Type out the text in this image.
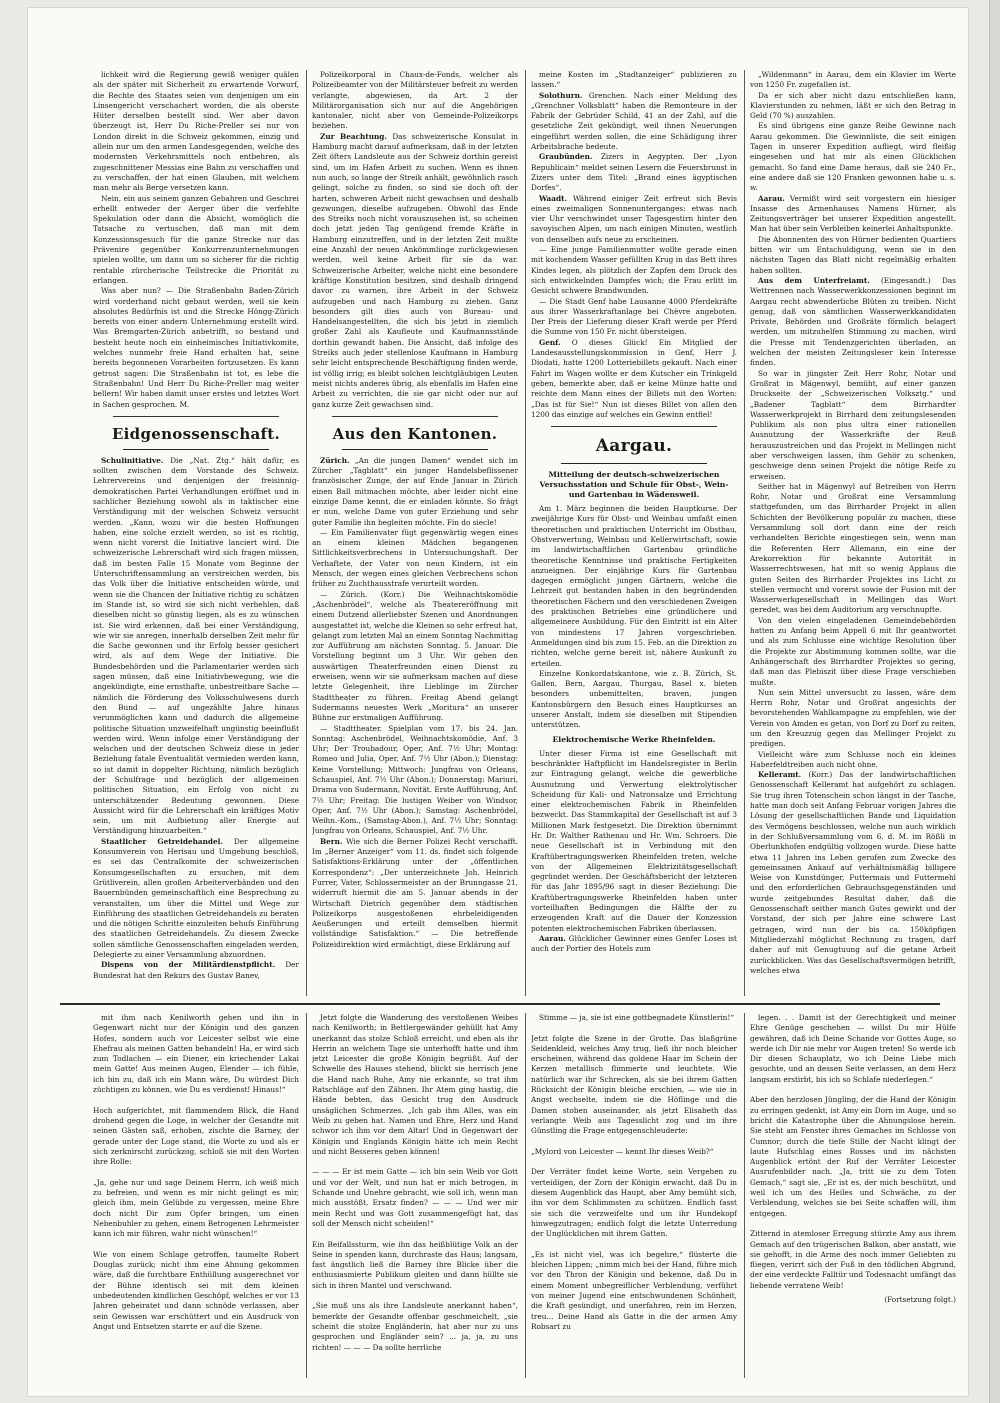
lichkeit wird die Regierung gewiß weniger quälen als der später mit Sicherheit zu erwartende Vorwurf, die Rechte des Staates seien von denjenigen um ein Linsengericht verschachert worden, die als oberste Hüter derselben bestellt sind. Wer aber davon überzeugt ist, Herr Du Riche-Preller sei nur von London direkt in die Schweiz gekommen, einzig und allein nur um den armen Landesgegenden, welche des modernsten Verkehrsmittels noch entbehren, als zugeschnittener Messias eine Bahn zu verschaffen und zu verschaffen, der hat einen Glauben, mit welchem man mehr als Berge versetzen kann.

Nein, ein aus seinem ganzen Gebahren und Geschrei erhellt entweder der Aerger über die verfehlte Spekulation oder dann die Absicht, womöglich die Tatsache zu vertuschen, daß man mit dem Konzessionsgesuch für die ganze Strecke nur das Prävenire gegenüber Konkurrenzunternehmungen spielen wollte, um dann um so sicherer für die richtig rentable zürcherische Teilstrecke die Priorität zu erlangen.

Was aber nun? — Die Straßenbahn Baden-Zürich wird vorderhand nicht gebaut werden, weil sie kein absolutes Bedürfnis ist und die Strecke Höngg-Zürich bereits von einer andern Unternehmung erstellt wird. Was Bremgarten-Zürich anbetrifft, so bestand und besteht heute noch ein einheimisches Initiativkomite, welches nunmehr freie Hand erhalten hat, seine bereits begonnenen Vorarbeiten fortzusetzen. Es kann getrost sagen: Die Straßenbahn ist tot, es lebe die Straßenbahn! Und Herr Du Riche-Preller mag weiter bellern! Wir haben damit unser erstes und letztes Wort in Sachen gesprochen. M.

Eidgenossenschaft.

Schulinitiative. Die „Nat. Ztg.“ hält dafür, es sollten zwischen dem Vorstande des Schweiz. Lehrervereins und denjenigen der freisinnig-demokratischen Partei Verhandlungen eröffnet und in sachlicher Beziehung sowohl als in taktischer eine Verständigung mit der welschen Schweiz versucht werden. „Kann, wozu wir die besten Hoffnungen haben, eine solche erzielt werden, so ist es richtig, wenn nicht vorerst die Initiative lanciert wird. Die schweizerische Lehrerschaft wird sich fragen müssen, daß im besten Falle 15 Monate vom Beginne der Unterschriftensammlung an verstreichen werden, bis das Volk über die Initiative entscheiden würde, und wenn sie die Chancen der Initiative richtig zu schätzen im Stande ist, so wird sie sich nicht verhehlen, daß dieselben nicht so günstig liegen, als es zu wünschen ist. Sie wird erkennen, daß bei einer Verständigung, wie wir sie anregen, innerhalb derselben Zeit mehr für die Sache gewonnen und ihr Erfolg besser gesichert wird, als auf dem Wege der Initiative. Die Bundesbehörden und die Parlamentarier werden sich sagen müssen, daß eine Initiativbewegung, wie die angekündigte, eine ernsthafte, unbestreitbare Sache — nämlich die Förderung des Volksschulwesens durch den Bund — auf ungezählte Jahre hinaus verunmöglichen kann und dadurch die allgemeine politische Situation unzweifelhaft ungünstig beeinflußt werden wird. Wenn infolge einer Verständigung der welschen und der deutschen Schweiz diese in jeder Beziehung fatale Eventualität vermieden werden kann, so ist damit in doppelter Richtung, nämlich bezüglich der Schulfrage und bezüglich der allgemeinen politischen Situation, ein Erfolg von nicht zu unterschätzender Bedeutung gewonnen. Diese Aussicht wird für die Lehrerschaft ein kräftiges Motiv sein, um mit Aufbietung aller Energie auf Verständigung hinzuarbeiten.“

Staatlicher Getreidehandel. Der allgemeine Konsumverein von Herisau und Umgebung beschloß, es sei das Centralkomite der schweizerischen Konsumgesellschaften zu ersuchen, mit dem Grütliverein, allen großen Arbeiterverbänden und den Bauernbünden gemeinschaftlich eine Besprechung zu veranstalten, um über die Mittel und Wege zur Einführung des staatlichen Getreidehandels zu beraten und die nötigen Schritte einzuleiten behufs Einführung des staatlichen Getreidehandels. Zu diesem Zwecke sollen sämtliche Genossenschaften eingeladen werden, Delegierte zu einer Versammlung abzuordnen.

Dispens von der Militärdienstpflicht. Der Bundesrat hat den Rekurs des Gustav Banev,

Polizeikorporal in Chaux-de-Fonds, welcher als Polizeibeamter von der Militärsteuer befreit zu werden verlangte, abgewiesen, da Art. 2 der Militärorganisation sich nur auf die Angehörigen kantonaler, nicht aber von Gemeinde-Polizeikorps beziehen.

Zur Beachtung. Das schweizerische Konsulat in Hamburg macht darauf aufmerksam, daß in der letzten Zeit öfters Landsleute aus der Schweiz dorthin gereist sind, um im Hafen Arbeit zu suchen. Wenn es ihnen nun auch, so lange der Streik anhält, gewöhnlich rasch gelingt, solche zu finden, so sind sie doch oft der harten, schweren Arbeit nicht gewachsen und deshalb gezwungen, dieselbe aufzugeben. Obwohl das Ende des Streiks noch nicht vorauszusehen ist, so scheinen doch jetzt jeden Tag genügend fremde Kräfte in Hamburg einzutreffen, und in der letzten Zeit mußte eine Anzahl der neuen Ankömmlinge zurückgewiesen werden, weil keine Arbeit für sie da war. Schweizerische Arbeiter, welche nicht eine besondere kräftige Konstitution besitzen, sind deshalb dringend davor zu warnen, ihre Arbeit in der Schweiz aufzugeben und nach Hamburg zu ziehen. Ganz besonders gilt dies auch von Bureau- und Handelsangestellten, die sich bis jetzt in ziemlich großer Zahl als Kaufleute und Kaufmannsstände dorthin gewandt haben. Die Ansicht, daß infolge des Streiks auch jeder stellenlose Kaufmann in Hamburg sehr leicht entsprechende Beschäftigung finden werde, ist völlig irrig; es bleibt solchen leichtgläubigen Leuten meist nichts anderes übrig, als ebenfalls im Hafen eine Arbeit zu verrichten, die sie gar nicht oder nur auf ganz kurze Zeit gewachsen sind.

Aus den Kantonen.

Zürich. „An die jungen Damen“ wendet sich im Zürcher „Tagblatt“ ein junger Handelsbeflissener französischer Zunge, der auf Ende Januar in Zürich einen Ball mitmachen möchte, aber leider nicht eine einzige Dame kennt, die er einladen könnte. So frägt er nun, welche Dame von guter Erziehung und sehr guter Familie ihn begleiten möchte. Fin do siecle!

— Ein Familienvater fügt gegenwärtig wegen eines an einem kleinen Mädchen begangenen Sittlichkeitsverbrechens in Untersuchungshaft. Der Verhaftete, der Vater von neun Kindern, ist ein Mensch, der wegen eines gleichen Verbrechens schon früher zu Zuchthausstrafe verurteilt worden.

— Zürich. (Korr.) Die Weihnachtskomödie „Aschenbrödel“, welche als Theatereröffnung mit einem Dutzend allerliebster Szenen und Anordnungen ausgestattet ist, welche die Kleinen so sehr erfreut hat, gelangt zum letzten Mal an einem Sonntag Nachmittag zur Aufführung am nächsten Sonntag. 5. Januar. Die Vorstellung beginnt um 3 Uhr. Wir geben den auswärtigen Theaterfreunden einen Dienst zu erweisen, wenn wir sie aufmerksam machen auf diese letzte Gelegenheit, ihre Lieblinge im Zürcher Stadttheater zu führen. Freitag Abend gelangt Sudermanns neuestes Werk „Moritura“ an unserer Bühne zur erstmaligen Aufführung.

— Stadttheater. Spielplan vom 17. bis 24. Jan. Sonntag: Aschenbrödel, Weihnachtskomödie, Anf. 3 Uhr; Der Troubadour, Oper, Anf. 7½ Uhr; Montag: Romeo und Julia, Oper, Anf. 7½ Uhr (Abon.); Dienstag: Keine Vorstellung; Mittwoch: Jungfrau von Orleans, Schauspiel, Anf. 7½ Uhr (Abon.); Donnerstag: Mariuri, Drama von Sudermann, Novität. Erste Aufführung, Anf. 7½ Uhr; Freitag: Die lustigen Weiber von Windsor, Oper, Anf. 7½ Uhr (Abon.); Samstag: Aschenbrödel, Weihn.-Kom., (Samstag-Abon.), Anf. 7½ Uhr; Sonntag: Jungfrau von Orleans, Schauspiel, Anf. 7½ Uhr.

Bern. Wie sich die Berner Polizei Recht verschafft. Im „Berner Anzeiger“ vom 11. ds. findet sich folgende Satisfaktions-Erklärung unter der „öffentlichen Korrespondenz“: „Der unterzeichnete Joh. Heinrich Furrer, Vater, Schlossermeister an der Brunngasse 21, widerruft hiermit die am 5. Januar abends in der Wirtschaft Dietrich gegenüber dem städtischen Polizeikorps ausgestoßenen ehrbeleidigenden Aeußerungen und erteilt demselben hiermit vollständige Satisfaktion.“ — Die betreffende Polizeidirektion wird ermächtigt, diese Erklärung auf

meine Kosten im „Stadtanzeiger“ publizieren zu lassen.“

Solothurn. Grenchen. Nach einer Meldung des „Grenchner Volksblatt“ haben die Remonteure in der Fabrik der Gebrüder Schild, 41 an der Zahl, auf die gesetzliche Zeit gekündigt, weil ihnen Neuerungen eingeführt werden sollen, die eine Schädigung ihrer Arbeitsbrache bedeute.

Graubünden. Zizers in Aegypten. Der „Lyon Republicain“ meldet seinen Lesern die Feuersbrunst in Zizers unter dem Titel: „Brand eines ägyptischen Dorfes“.

Waadt. Während einiger Zeit erfreut sich Bevis eines zweimaligen Sonnenunterganges: etwas nach vier Uhr verschwindet unser Tagesgestirn hinter den savoyischen Alpen, um nach einigen Minuten, westlich von denselben aufs neue zu erscheinen.

— Eine junge Familienmutter wollte gerade einen mit kochendem Wasser gefüllten Krug in das Bett ihres Kindes legen, als plötzlich der Zapfen dem Druck des sich entwickelnden Dampfes wich; die Frau erlitt im Gesicht schwere Brandwunden.

— Die Stadt Genf habe Lausanne 4000 Pferdekräfte aus ihrer Wasserkraftanlage bei Chèvre angeboten. Der Preis der Lieferung dieser Kraft werde per Pferd die Summe von 150 Fr. nicht übersteigen.

Genf. O dieses Glück! Ein Mitglied der Landesausstellungskommission in Genf, Herr J. Diodati, hatte 1200 Lotteriebillets gekauft. Nach einer Fahrt im Wagen wollte er dem Kutscher ein Trinkgeld geben, bemerkte aber, daß er keine Münze hatte und reichte dem Mann eines der Billets mit den Worten: „Das ist für Sie!“ Nun ist dieses Billet von allen den 1200 das einzige auf welches ein Gewinn entfiel!

Aargau.
Mitteilung der deutsch-schweizerischen Versuchsstation und Schule für Obst-, Wein- und Gartenbau in Wädensweil.

Am 1. März beginnen die beiden Hauptkurse. Der zweijährige Kurs für Obst- und Weinbau umfaßt einen theoretischen und praktischen Unterricht im Obstbau, Obstverwertung, Weinbau und Kellerwirtschaft, sowie im landwirtschaftlichen Gartenbau gründliche theoretische Kenntnisse und praktische Fertigkeiten anzueignen. Der einjährige Kurs für Gartenbau dagegen ermöglicht jungen Gärtnern, welche die Lehrzeit gut bestanden haben in den begründenden theoretischen Fächern und den verschiedenen Zweigen des praktischen Betriebes eine gründlichere und allgemeinere Ausbildung. Für den Eintritt ist ein Alter von mindestens 17 Jahren vorgeschrieben. Anmeldungen sind bis zum 15. Feb. an die Direktion zu richten, welche gerne bereit ist, nähere Auskunft zu erteilen.

Einzelne Konkordatskantone, wie z. B. Zürich, St. Gallen, Bern, Aargau, Thurgau, Basel x. bieten besonders unbemittelten, braven, jungen Kantonsbürgern den Besuch eines Hauptkurses an unserer Anstalt, indem sie dieselben mit Stipendien unterstützen.

Elektrochemische Werke Rheinfelden.

Unter dieser Firma ist eine Gesellschaft mit beschränkter Haftpflicht im Handelsregister in Berlin zur Eintragung gelangt, welche die gewerbliche Ausnutzung und Verwertung elektrolytischer Scheidung für Kali- und Natronsalze und Errichtung einer elektrochemischen Fabrik in Rheinfelden bezweckt. Das Stammkapital der Gesellschaft ist auf 3 Millionen Mark festgesetzt. Die Direktion übernimmt Hr. Dr. Walther Rathenau und Hr. Wm. Schroers. Die neue Gesellschaft ist in Verbindung mit den Kraftübertragungswerken Rheinfelden treten, welche von der Allgemeinen Elektrizitätsgesellschaft gegründet werden. Der Geschäftsbericht der letzteren für das Jahr 1895/96 sagt in dieser Beziehung: Die Kraftübertragungswerke Rheinfelden haben unter vorteilhaften Bedingungen die Hälfte der zu erzeugenden Kraft auf die Dauer der Konzession potenten elektrochemischen Fabriken überlassen.

Aarau. Glücklicher Gewinner eines Genfer Loses ist auch der Portier des Hotels zum

„Wildenmann“ in Aarau, dem ein Klavier im Werte von 1250 Fr. zugefallen ist.

Da er sich aber nicht dazu entschließen kann, Klavierstunden zu nehmen, läßt er sich den Betrag in Geld (70 %) auszahlen.

Es sind übrigens eine ganze Reihe Gewinne nach Aarau gekommen. Die Gewinnliste, die seit einigen Tagen in unserer Expedition aufliegt, wird fleißig eingesehen und hat mir als einen Glücklichen gemacht. So fand eine Dame heraus, daß sie 240 Fr., eine andere daß sie 120 Franken gewonnen habe u. s. w.

Aarau. Vermißt wird seit vorgestern ein hiesiger Insasse des Armenhauses Namens Hürner, als Zeitungsverträger bei unserer Expedition angestellt. Man hat über sein Verbleiben keinerlei Anhaltspunkte.

Die Abonnenten des von Hürner bedienten Quartiers bitten wir um Entschuldigung, wenn sie in den nächsten Tagen das Blatt nicht regelmäßig erhalten haben sollten.

Aus dem Unterfreiamt. (Eingesandt.) Das Wettrennen nach Wasserwerkkonzessionen beginnt im Aargau recht abwenderliche Blüten zu treiben. Nicht genug, daß von sämtlichen Wasserwerkkandidaten Private, Behörden und Großräte förmlich belagert werden, um mitzuhelfen Stimmung zu machen, wird die Presse mit Tendenzgerichten überladen, an welchen der meisten Zeitungsleser kein Interesse finden.

So war in jüngster Zeit Herr Rohr, Notar und Großrat in Mägenwyl, bemüht, auf einer ganzen Druckseite der „Schweizerischen Volksztg.“ und „Badener Tagblatt“ dem Birrhardter Wasserwerkprojekt in Birrhard dem zeitungslesenden Publikum als non plus ultra einer rationellen Ausnutzung der Wasserkräfte der Reuß herauszustreichen und das Projekt in Mellingen nicht aber verschweigen lassen, ihm Gehör zu schenken, geschweige denn seinen Projekt die nötige Reife zu erweisen.

Seither hat in Mägenwyl auf Betreiben von Herrn Rohr, Notar und Großrat eine Versammlung stattgefunden, um das Birrharder Projekt in allen Schichten der Bevölkerung populär zu machen, diese Versammlung soll dort dann eine der reich verhandelten Berichte eingestiegen sein, wenn man die Referenten Herr Allemann, ein eine der Arekorrektion für bekannte Autorität in Wasserrechtswesen, hat mit so wenig Applaus die guten Seiten des Birrharder Projektes ins Licht zu stellen vermocht und vorerst sowie der Fusion mit der Wasserwerkgesellschaft in Mellingen das Wort geredet, was bei dem Auditorium arg verschnupfte.

Von den vielen eingeladenen Gemeindebehörden hatten zu Anfang beim Appell 6 mit Ihr geantwortet und als zum Schlusse eine wichtige Resolution über die Projekte zur Abstimmung kommen sollte, war die Anhängerschaft des Birrhardter Projektes so gering, daß man das Plebiszit über diese Frage verschieben mußte.

Nun sein Mittel unversucht zu lassen, wäre dem Herrn Rohr, Notar und Großrat angesichts der bevorstehenden Wahlkampagne zu empfehlen, wie der Verein von Amden es getan, von Dorf zu Dorf zu reiten, um den Kreuzzug gegen das Mellinger Projekt zu predigen.

Vielleicht wäre zum Schlusse noch ein kleines Haberfeldtreiben auch nicht ohne.

Kelleramt. (Korr.) Das der landwirtschaftlichen Genossenschaft Kelleramt hat aufgehört zu schlagen. Sie trug ihren Totenschein schon längst in der Tasche, hatte man doch seit Anfang Februar vorigen Jahres die Lösung der gesellschaftlichen Bande und Liquidation des Vermögens beschlossen, welche nun auch wirklich in der Schlußversammlung vom 6. d. M. im Rößli in Oberlunkhofen endgültig vollzogen wurde. Diese hatte etwa 11 Jahren ins Leben gerufen zum Zwecke des gemeinsamen Ankauf auf verhältnismäßig billigere Weise von Kunstdünger, Futtermais und Futtermehl und den erforderlichen Gebrauchsgegenständen und wurde zeitgebundes Resultat daher, daß die Genossenschaft seither manch Gutes gewirkt und der Vorstand, der sich per Jahre eine schwere Last getragen, wird nun der bis ca. 150köpfigen Mitgliederzahl möglichst Rechnung zu tragen, darf daher auf mit Genugtuung auf die getane Arbeit zurückblicken. Was das Gesellschaftsvermögen betrifft, welches etwa

mit ihm nach Kenilworth gehen und ihn in Gegenwart nicht nur der Königin und des ganzen Hofes, sondern auch vor Leicester selbst wie eine Ehefrau als meinen Gatten behandeln! Ha, er wird sich zum Todlachen — ein Diener, ein kriechender Lakai mein Gatte! Aus meinen Augen, Elender — ich fühle, ich bin zu, daß ich ein Mann wäre, Du würdest Dich züchtigen zu können, wie Du es verdienst! Hinaus!“

Hoch aufgerichtet, mit flammendem Blick, die Hand drohend gegen die Loge, in welcher der Gesandte mit seinen Gästen saß, erhoben, zischte die Barney, der gerade unter der Loge stand, die Worte zu und als er sich zerknirscht zurückzog, schloß sie mit den Worten ihre Rolle:

„Ja, gehe nur und sage Deinem Herrn, ich weiß mich zu befreien, und wenn es mir nicht gelingt es mir, gleich ihm, mein Gelübde zu vergessen, meine Ehre doch nicht Dir zum Opfer bringen, um einen Nebenbuhler zu gehen, einem Betrogenen Lehrmeister kann ich mir führen, wahr nicht wünschen!“

Wie von einem Schlage getroffen, taumelte Robert Douglas zurück; nicht ihm eine Ahnung gekommen wäre, daß die furchtbare Enthüllung ausgerechnet vor der Bühne identisch sei mit dem kleinen unbedeutenden kindlichen Geschöpf, welches er vor 13 Jahren geheiratet und dann schnöde verlassen, aber sein Gewissen war erschüttert und ein Ausdruck von Angst und Entsetzen starrte er auf die Szene.

Jetzt folgte die Wanderung des verstoßenen Weibes nach Kenilworth; in Bettlergewänder gehüllt hat Amy unerkannt das stolze Schloß erreicht, und eben als ihr Herrin an welchem Tage sie unterhofft hatte und ihm jetzt Leicester die große Königin begrüßt. Auf der Schwelle des Hauses stehend, blickt sie herrisch jene die Hand nach Ruhe, Amy nie erkannte, so trat ihm Ratschläge auf den Zähnen. Ihr Atem ging hastig, die Hände bebten, das Gesicht trug den Ausdruck unsäglichen Schmerzes. „Ich gab ihm Alles, was ein Weib zu geben hat. Namen und Ehre, Herz und Hand schwor ich ihm vor dem Altar! Und in Gegenwart der Königin und Englands Königin hätte ich mein Recht und nicht Besseres geben können!

— — — Er ist mein Gatte — ich bin sein Weib vor Gott und vor der Welt, und nun hat er mich betrogen, in Schande und Unehre gebracht, wie soll ich, wenn man mich ausstößt, Ersatz finden? — — — Und wer mir mein Recht und was Gott zusammengefügt hat, das soll der Mensch nicht scheiden!“

Ein Beifallssturm, wie ihn das heißblütige Volk an der Seine in spenden kann, durchraste das Haus; langsam, fast ängstlich ließ die Barney ihre Blicke über die enthusiasmierte Publikum gleiten und dann hüllte sie sich in ihren Mantel und verschwand.

„Sie muß uns als ihre Landsleute anerkannt haben“, bemerkte der Gesandte offenbar geschmeichelt, „sie scheint die stolze Engländerin, hat aber nur zu uns gesprochen und Engländer sein? ... ja, ja, zu uns richten! — — — Da sollte herrliche

Stimme — ja, sie ist eine gottbegnadete Künstlerin!“

Jetzt folgte die Szene in der Grotte. Das blaßgrüne Seidenkleid, welches Amy trug, ließ ihr noch bleicher erscheinen, während das goldene Haar im Schein der Kerzen metallisch flimmerte und leuchtete. Wie natürlich war ihr Schrecken, als sie bei ihrem Gatten Rücksicht der Königin bleiche erschien, — wie sie in Angst wechselte, indem sie die Höflinge und die Damen stoben auseinander, als jetzt Elisabeth das verlangte Weib aus Tagesslicht zog und im ihre Günstling die Frage entgegenschleuderte:

„Mylord von Leicester — kennt Ihr dieses Weib?“

Der Verräter findet keine Worte, sein Vergehen zu verteidigen, der Zorn der Königin erwacht, daß Du in diesem Augenblick das Haupt, aber Amy bemüht sich, ihn vor dem Schlimmsten zu schützen. Endlich fasst sie sich die verzweifelte und um ihr Hundekopf hinwegzutragen; endlich folgt die letzte Unterredung der Unglücklichen mit ihrem Gatten.

„Es ist nicht viel, was ich begehre,“ flüsterte die bleichen Lippen; „nimm mich bei der Hand, führe mich vor den Thron der Königin und bekenne, daß Du in einem Moment unbegreiflicher Verblendung, verführt von meiner Jugend eine entschwundenen Schönheit, die Kraft gesündigt, und unerfahren, rein im Herzen, treu... Deine Hand als Gatte in die der armen Amy Robsart zu

legen. . . Damit ist der Gerechtigkeit und meiner Ehre Genüge geschehen — willst Du mir Hülfe gewähren, daß ich Deine Schande vor Gottes Auge, so werde ich Dir nie mehr vor Augen treten! So werde ich Dir diesen Schauplatz, wo ich Deine Liebe mich gesuchte, und an dessen Seite verlassen, an dem Herz langsam erstirbt, bis ich so Schlafe niederlegen.“

Aber den herzlosen Jüngling, der die Hand der Königin zu erringen gedenkt, ist Amy ein Dorn im Auge, und so bricht die Katastrophe über die Ahnungslose herein. Sie steht am Fenster ihres Gemaches im Schlosse von Cumnor; durch die tiefe Stille der Nacht klingt der laute Hufschlag eines Rosses und im nächsten Augenblick ertönt der Ruf der Verräter Leicester Ausrufenbilder nach. „Ja, tritt sie zu dem Toten Gemach,“ sagt sie, „Er ist es, der mich beschützt, und weil ich um des Heiles und Schwäche, zu der Verblendung, welches sie bei Seite schaffen will, ihm entgegen.

Zitternd in atemloser Erregung stürzte Amy aus ihrem Gemach auf den trügerischen Balkon, aber anstatt, wie sie gehofft, in die Arme des noch immer Geliebten zu fliegen, verirrt sich der Fuß in den tödlichen Abgrund, der eine verdeckte Falltür und Todesnacht umfängt das liebende verratene Weib!

(Fortsetzung folgt.)
